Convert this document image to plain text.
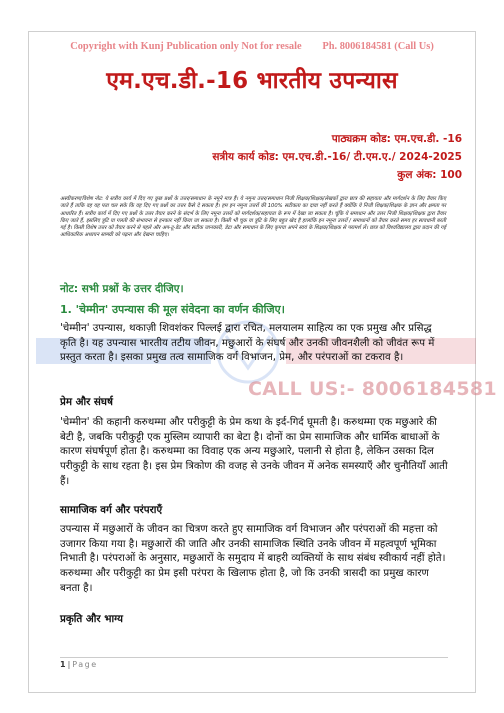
Copyright with Kunj Publication only Not for resale        Ph. 8006184581 (Call Us)
एम.एच.डी.-16 भारतीय उपन्यास
पाठ्यक्रम कोड: एम.एच.डी. -16
सत्रीय कार्य कोड: एम.एच.डी.-16/ टी.एम.ए./ 2024-2025
कुल अंक: 100
अस्वीकरण/विशेष नोट: ये सत्रीय कार्य में दिए गए कुछ प्रश्नों के उत्तर/समाधान के नमूने मात्र हैं। ये नमूना उत्तर/समाधान निजी शिक्षक/शिक्षक/लेखकों द्वारा छात्र की सहायता और मार्गदर्शन के लिए तैयार किए जाते हैं ताकि वह यह पता चल सके कि वह दिए गए प्रश्नों का उत्तर कैसे दे सकता है। हम इन नमूना उत्तरों की 100% सटीकता का दावा नहीं करते हैं क्योंकि ये निजी शिक्षक/शिक्षक के ज्ञान और क्षमता पर आधारित हैं। सत्रीय कार्य में दिए गए प्रश्नों के उत्तर तैयार करने के संदर्भ के लिए नमूना उत्तरों को मार्गदर्शक/सहायता के रूप में देखा जा सकता है। चूंकि ये समाधान और उत्तर निजी शिक्षक/शिक्षक द्वारा तैयार किए जाते हैं, इसलिए त्रुटि या गलती की संभावना से इनकार नहीं किया जा सकता है। किसी भी चूक या त्रुटि के लिए बहुत खेद है हालांकि इन नमूना उत्तरों / समाधानों को तैयार करते समय हर सावधानी बरती गई है। किसी विशेष उत्तर को तैयार करने से पहले और अप-टू-डेट और सटीक जानकारी, डेटा और समाधान के लिए कृपया अपने स्वयं के शिक्षक/शिक्षक से परामर्श लें। छात्र को विश्वविद्यालय द्वारा प्रदान की गई आधिकारिक अध्ययन सामग्री को पढ़ना और देखना चाहिए।
नोट: सभी प्रश्नों के उत्तर दीजिए।
1. 'चेम्मीन' उपन्यास की मूल संवेदना का वर्णन कीजिए।
'चेम्मीन' उपन्यास, थकाज़ी शिवशंकर पिल्लई द्वारा रचित, मलयालम साहित्य का एक प्रमुख और प्रसिद्ध कृति है। यह उपन्यास भारतीय तटीय जीवन, मछुआरों के संघर्ष और उनकी जीवनशैली को जीवंत रूप में प्रस्तुत करता है। इसका प्रमुख तत्व सामाजिक वर्ग विभाजन, प्रेम, और परंपराओं का टकराव है।
CALL US:- 8006184581
प्रेम और संघर्ष
'चेम्मीन' की कहानी करुथम्मा और परीकुट्टी के प्रेम कथा के इर्द-गिर्द घूमती है। करुथम्मा एक मछुआरे की बेटी है, जबकि परीकुट्टी एक मुस्लिम व्यापारी का बेटा है। दोनों का प्रेम सामाजिक और धार्मिक बाधाओं के कारण संघर्षपूर्ण होता है। करुथम्मा का विवाह एक अन्य मछुआरे, पलानी से होता है, लेकिन उसका दिल परीकुट्टी के साथ रहता है। इस प्रेम त्रिकोण की वजह से उनके जीवन में अनेक समस्याएँ और चुनौतियाँ आती हैं।
सामाजिक वर्ग और परंपराएँ
उपन्यास में मछुआरों के जीवन का चित्रण करते हुए सामाजिक वर्ग विभाजन और परंपराओं की महत्ता को उजागर किया गया है। मछुआरों की जाति और उनकी सामाजिक स्थिति उनके जीवन में महत्वपूर्ण भूमिका निभाती है। परंपराओं के अनुसार, मछुआरों के समुदाय में बाहरी व्यक्तियों के साथ संबंध स्वीकार्य नहीं होते। करुथम्मा और परीकुट्टी का प्रेम इसी परंपरा के खिलाफ होता है, जो कि उनकी त्रासदी का प्रमुख कारण बनता है।
प्रकृति और भाग्य
1 | Page
